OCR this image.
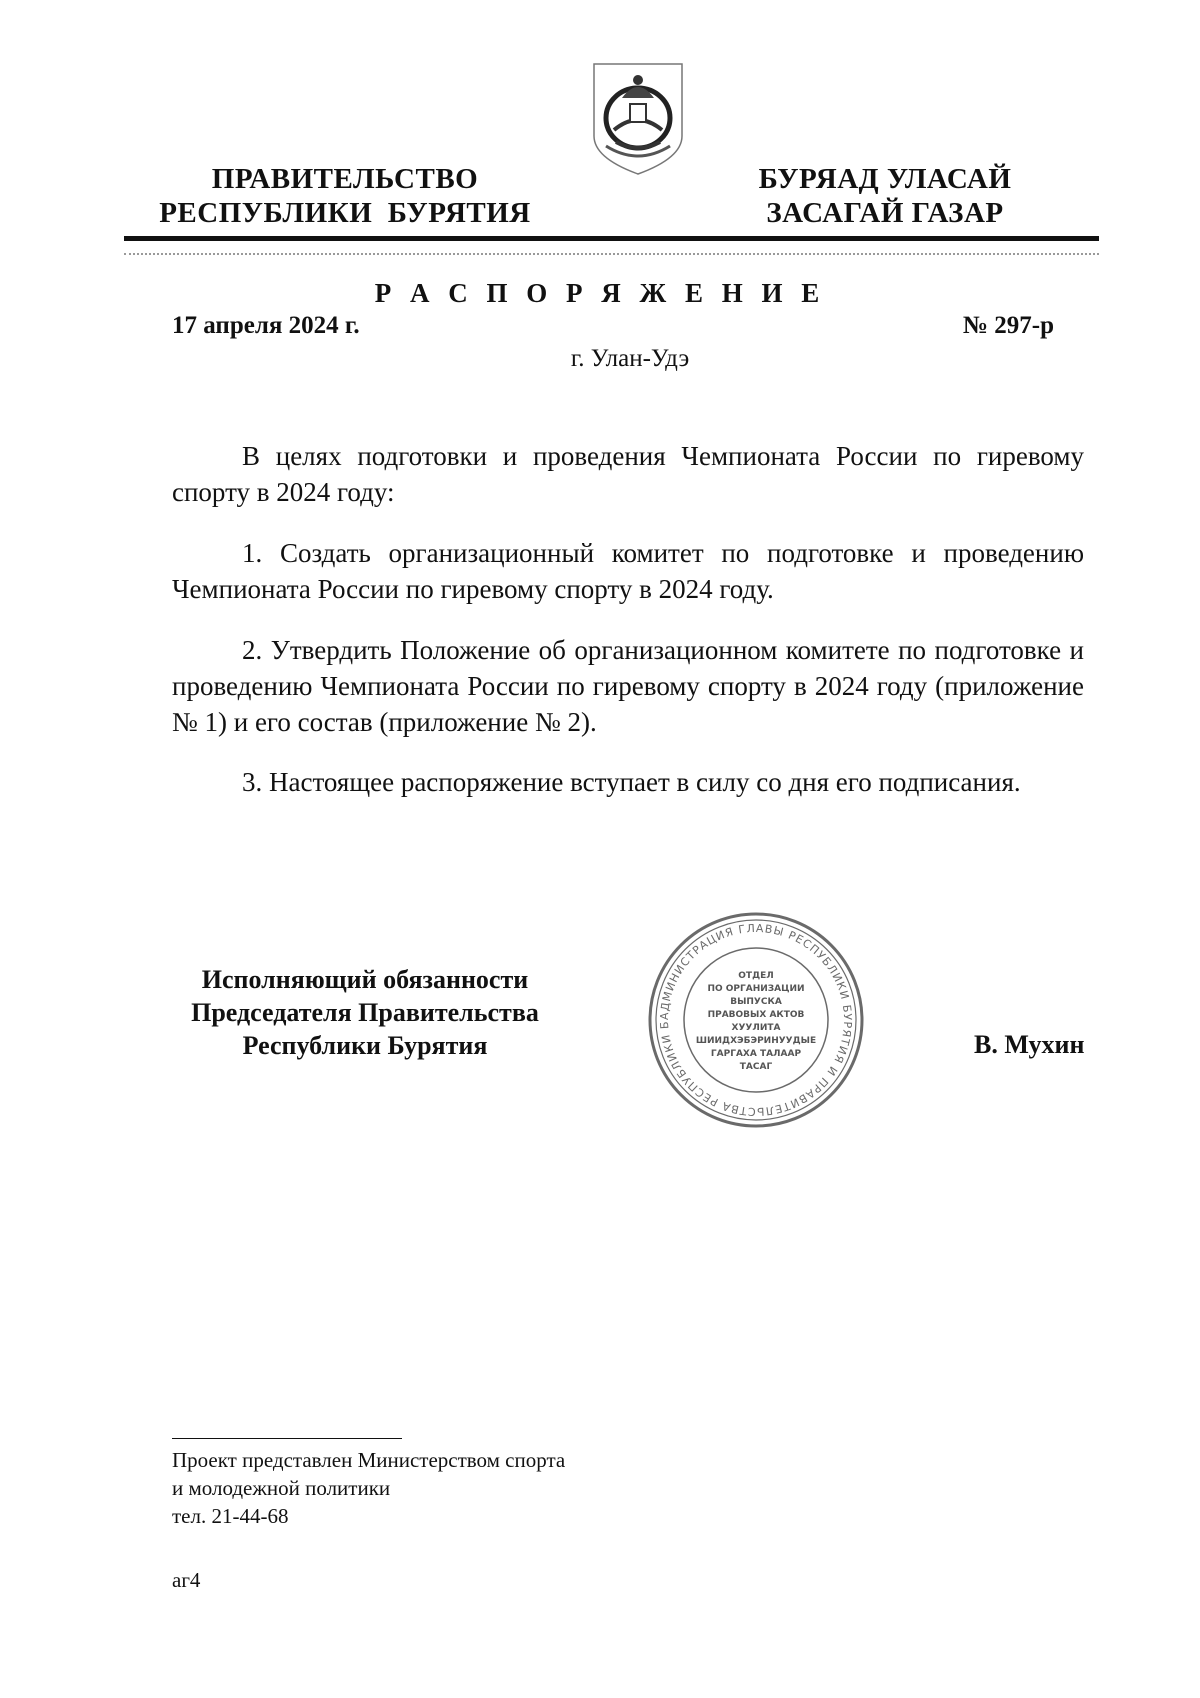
ПРАВИТЕЛЬСТВО
РЕСПУБЛИКИ  БУРЯТИЯ
БУРЯАД УЛАСАЙ
ЗАСАГАЙ ГАЗАР
Р А С П О Р Я Ж Е Н И Е
17 апреля 2024 г.	№ 297-р
г. Улан-Удэ
В целях подготовки и проведения Чемпионата России по гиревому спорту в 2024 году:
1. Создать организационный комитет по подготовке и проведению Чемпионата России по гиревому спорту в 2024 году.
2. Утвердить Положение об организационном комитете по подготовке и проведению Чемпионата России по гиревому спорту в 2024 году (приложение № 1) и его состав (приложение № 2).
3. Настоящее распоряжение вступает в силу со дня его подписания.
Исполняющий обязанности
Председателя Правительства
Республики Бурятия
АДМИНИСТРАЦИЯ ГЛАВЫ РЕСПУБЛИКИ БУРЯТИЯ И ПРАВИТЕЛЬСТВА РЕСПУБЛИКИ Б
ОТДЕЛ
ПО ОРГАНИЗАЦИИ
ВЫПУСКА
ПРАВОВЫХ АКТОВ
ХУУЛИТА
ШИИДХЭБЭРИНУУДЫЕ
ГАРГАХА ТАЛААР
ТАСАГ
В. Мухин
Проект представлен Министерством спорта
и молодежной политики
тел. 21-44-68
аг4
